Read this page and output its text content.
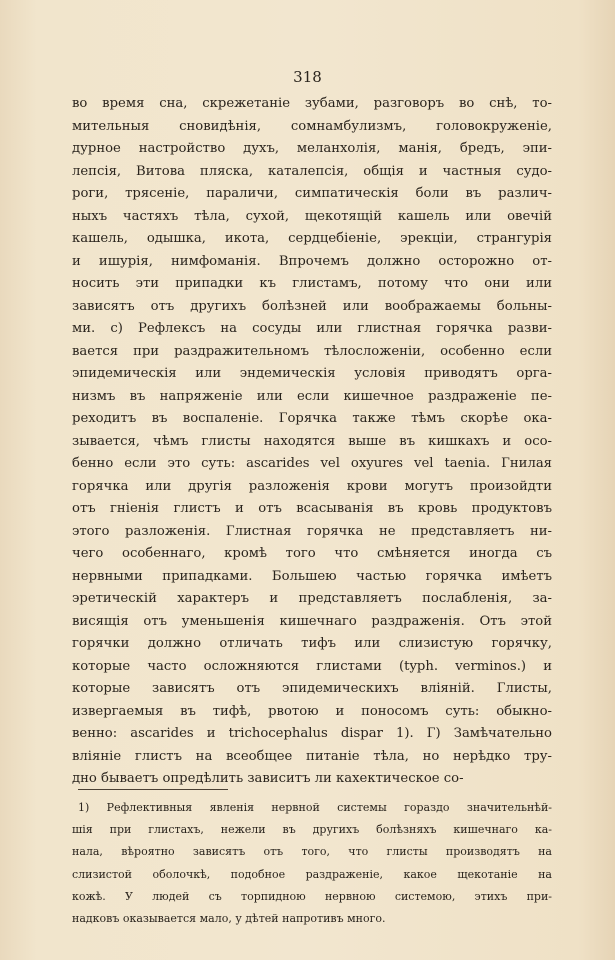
318
во время сна, скрежетаніе зубами, разговоръ во снѣ, то-
мительныя сновидѣнія, сомнамбулизмъ, головокруженіе,
дурное настройство духъ, меланхолія, манія, бредъ, эпи-
лепсія, Витова пляска, каталепсія, общія и частныя судо-
роги, трясеніе, параличи, симпатическія боли въ различ-
ныхъ частяхъ тѣла, сухой, щекотящій кашель или овечій
кашель, одышка, икота, сердцебіеніе, эрекціи, странгурія
и ишурія, нимфоманія. Впрочемъ должно осторожно от-
носить эти припадки къ глистамъ, потому что они или
зависятъ отъ другихъ болѣзней или воображаемы больны-
ми. c) Рефлексъ на сосуды или глистная горячка разви-
вается при раздражительномъ тѣлосложеніи, особенно если
эпидемическія или эндемическія условія приводятъ орга-
низмъ въ напряженіе или если кишечное раздраженіе пе-
реходитъ въ воспаленіе. Горячка также тѣмъ скорѣе ока-
зывается, чѣмъ глисты находятся выше въ кишкахъ и осо-
бенно если это суть: ascarides vel oxyures vel taenia. Гнилая
горячка или другія разложенія крови могутъ произойдти
отъ гніенія глистъ и отъ всасыванія въ кровь продуктовъ
этого разложенія. Глистная горячка не представляетъ ни-
чего особеннаго, кромѣ того что смѣняется иногда съ
нервными припадками. Большею частью горячка имѣетъ
эретическій характеръ и представляетъ послабленія, за-
висящія отъ уменьшенія кишечнаго раздраженія. Отъ этой
горячки должно отличать тифъ или слизистую горячку,
которые часто осложняются глистами (typh. verminos.) и
которые зависятъ отъ эпидемическихъ вліяній. Глисты,
извергаемыя въ тифѣ, рвотою и поносомъ суть: обыкно-
венно: ascarides и trichocephalus dispar 1). Г) Замѣчательно
вліяніе глистъ на всеобщее питаніе тѣла, но нерѣдко тру-
дно бываетъ опредѣлить зависитъ ли кахектическое со-
1) Рефлективныя явленія нервной системы гораздо значительнѣй-
шія при глистахъ, нежели въ другихъ болѣзняхъ кишечнаго ка-
нала, вѣроятно зависятъ отъ того, что глисты производятъ на
слизистой оболочкѣ, подобное раздраженіе, какое щекотаніе на
кожѣ. У людей съ торпидною нервною системою, этихъ при-
надковъ оказывается мало, у дѣтей напротивъ много.
